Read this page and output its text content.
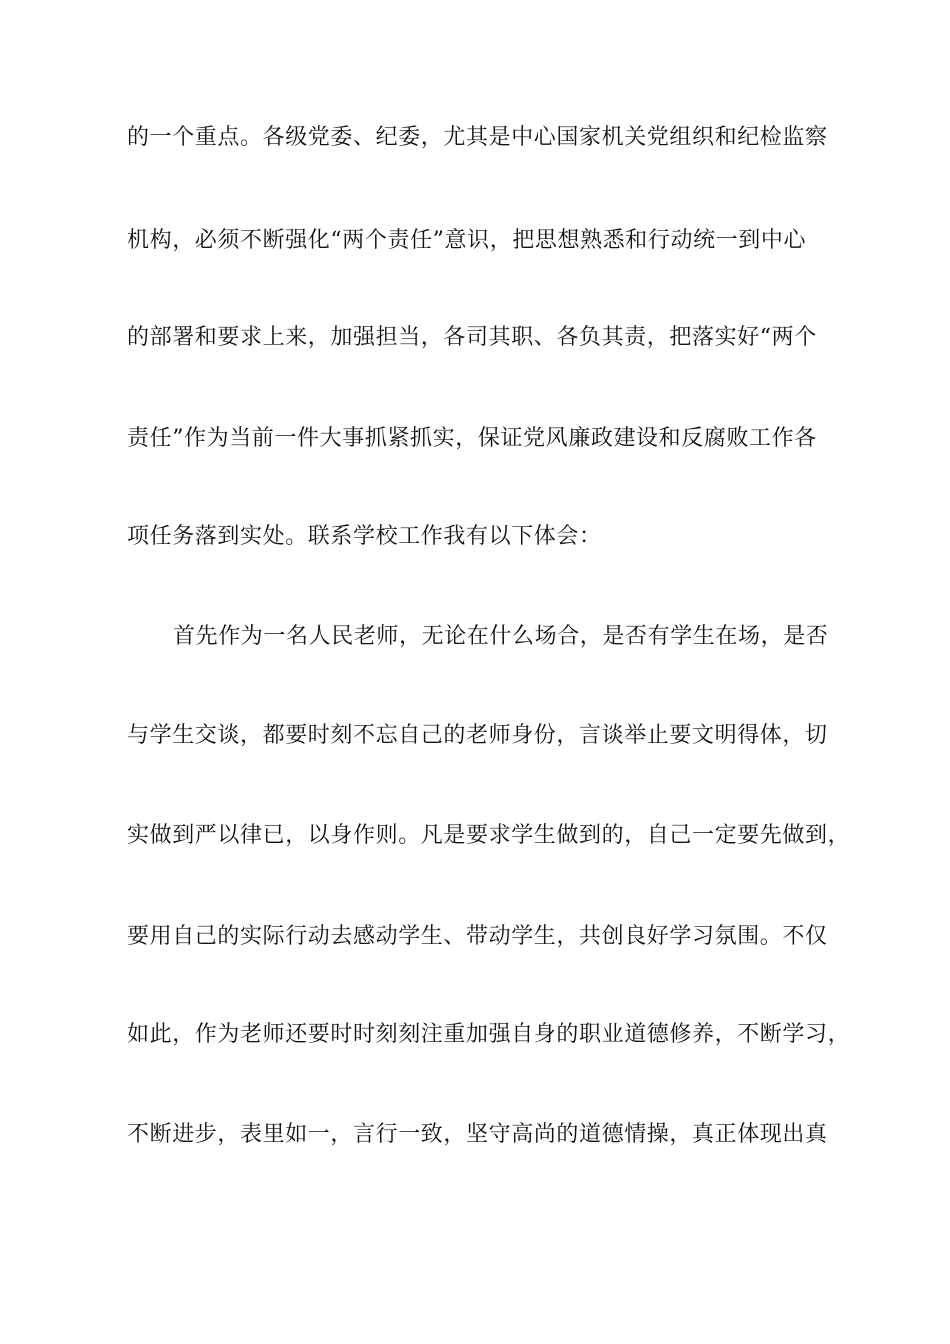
的一个重点。各级党委、纪委，尤其是中心国家机关党组织和纪检监察
机构，必须不断强化“两个责任”意识，把思想熟悉和行动统一到中心
的部署和要求上来，加强担当，各司其职、各负其责，把落实好“两个
责任”作为当前一件大事抓紧抓实，保证党风廉政建设和反腐败工作各
项任务落到实处。联系学校工作我有以下体会：
首先作为一名人民老师，无论在什么场合，是否有学生在场，是否
与学生交谈，都要时刻不忘自己的老师身份，言谈举止要文明得体，切
实做到严以律已，以身作则。凡是要求学生做到的，自己一定要先做到，
要用自己的实际行动去感动学生、带动学生，共创良好学习氛围。不仅
如此，作为老师还要时时刻刻注重加强自身的职业道德修养，不断学习，
不断进步，表里如一，言行一致，坚守高尚的道德情操，真正体现出真
